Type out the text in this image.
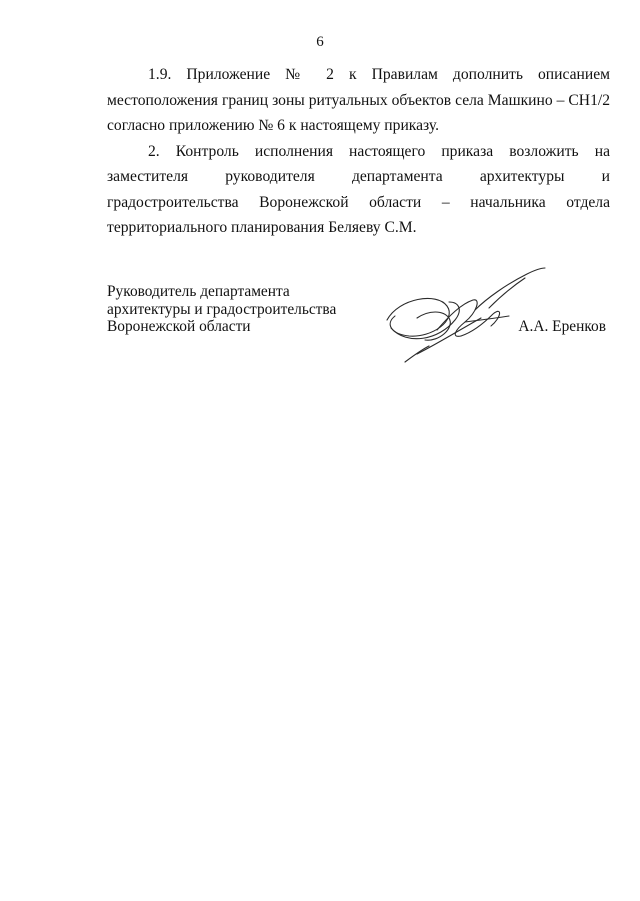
6

1.9. Приложение № 2 к Правилам дополнить описанием местоположения границ зоны ритуальных объектов села Машкино – СН1/2 согласно приложению № 6 к настоящему приказу.

2. Контроль исполнения настоящего приказа возложить на заместителя руководителя департамента архитектуры и градостроительства Воронежской области – начальника отдела территориального планирования Беляеву С.М.

Руководитель департамента
архитектуры и градостроительства
Воронежской области	А.А. Еренков
